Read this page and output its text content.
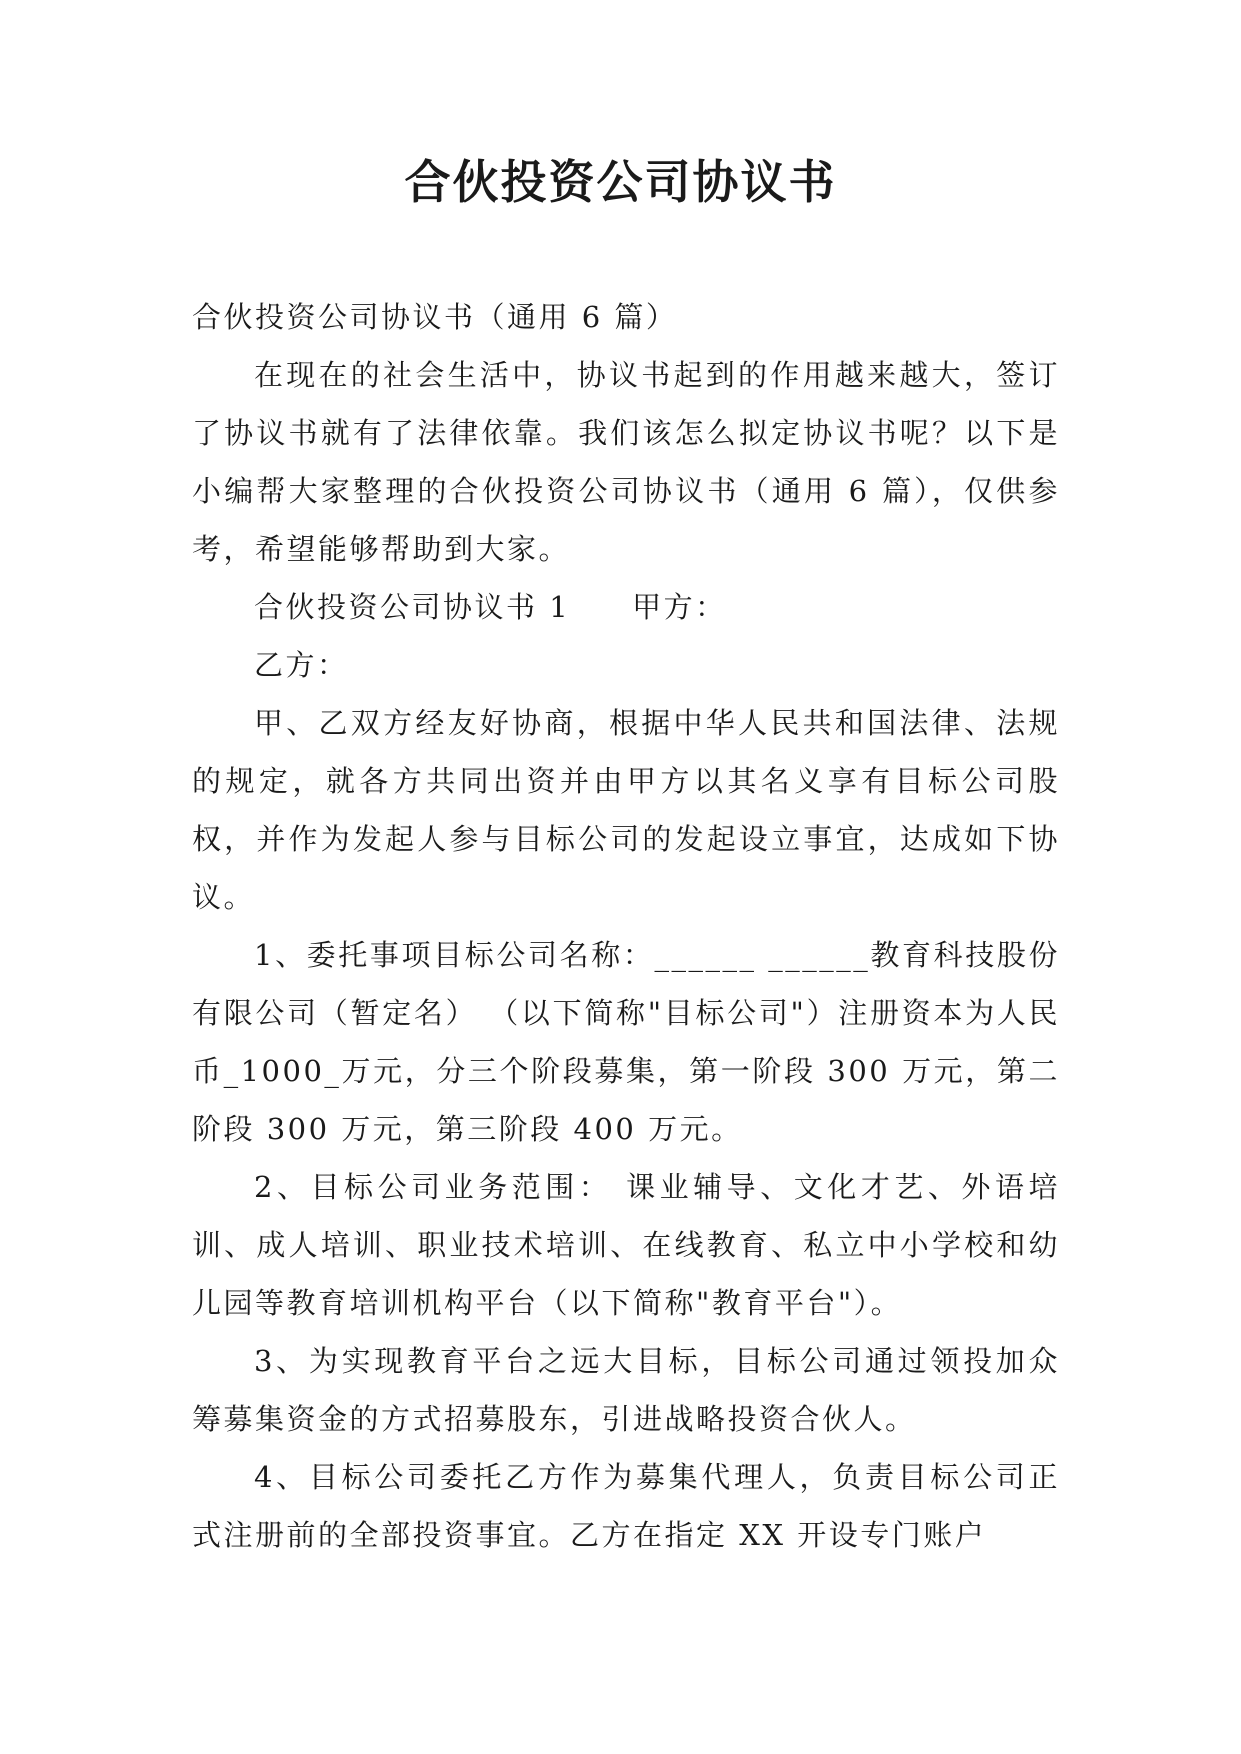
合伙投资公司协议书

合伙投资公司协议书（通用 6 篇）

在现在的社会生活中，协议书起到的作用越来越大，签订了协议书就有了法律依靠。我们该怎么拟定协议书呢？以下是小编帮大家整理的合伙投资公司协议书（通用 6 篇），仅供参考，希望能够帮助到大家。

合伙投资公司协议书 1 甲方：

乙方：

甲、乙双方经友好协商，根据中华人民共和国法律、法规的规定，就各方共同出资并由甲方以其名义享有目标公司股权，并作为发起人参与目标公司的发起设立事宜，达成如下协议。

1、委托事项目标公司名称：______ ______教育科技股份有限公司（暂定名） （以下简称"目标公司"）注册资本为人民币_1000_万元，分三个阶段募集，第一阶段 300 万元，第二阶段 300 万元，第三阶段 400 万元。

2、目标公司业务范围： 课业辅导、文化才艺、外语培训、成人培训、职业技术培训、在线教育、私立中小学校和幼儿园等教育培训机构平台（以下简称"教育平台"）。

3、为实现教育平台之远大目标，目标公司通过领投加众筹募集资金的方式招募股东，引进战略投资合伙人。

4、目标公司委托乙方作为募集代理人，负责目标公司正式注册前的全部投资事宜。乙方在指定 XX 开设专门账户
